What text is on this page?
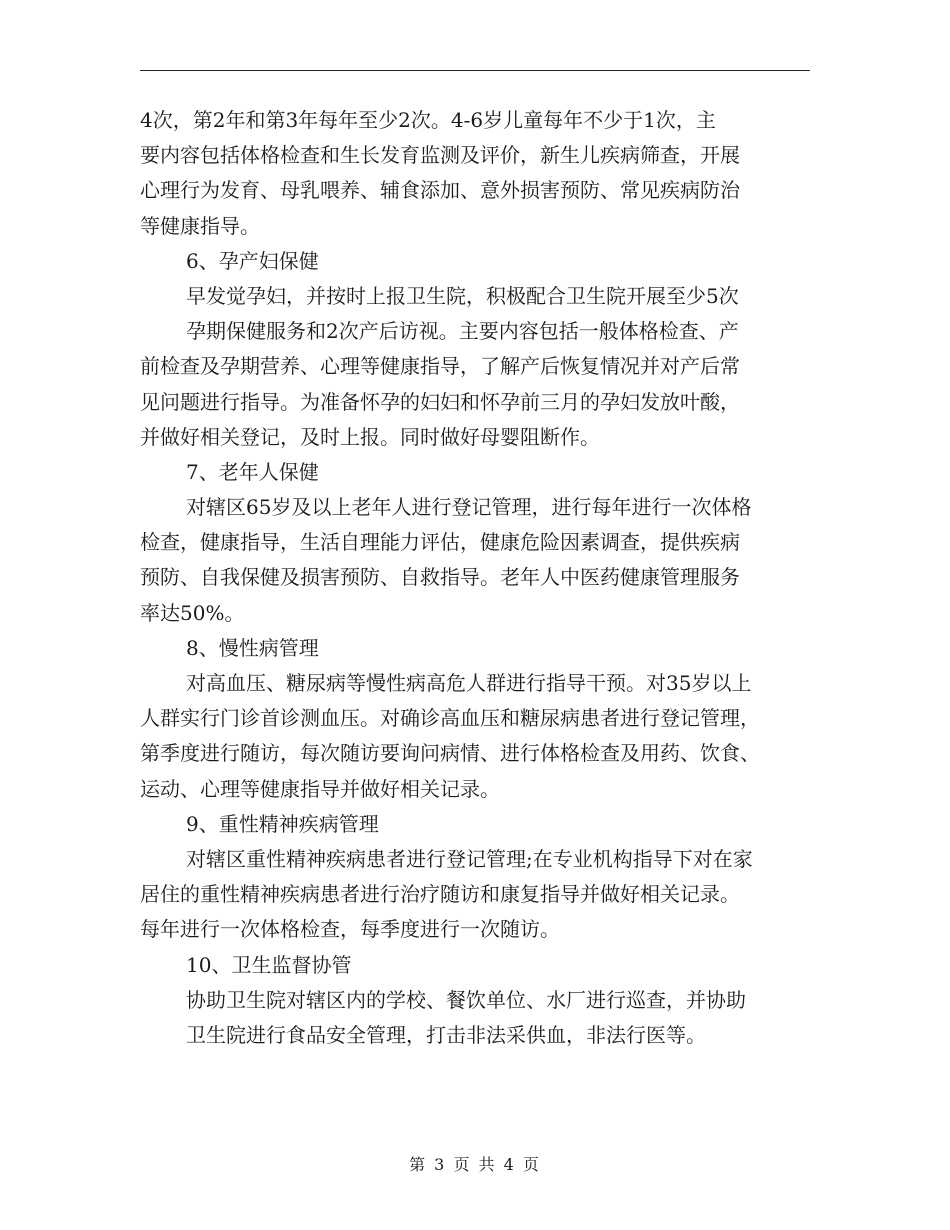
4次，第2年和第3年每年至少2次。4-6岁儿童每年不少于1次，主
要内容包括体格检查和生长发育监测及评价，新生儿疾病筛查，开展
心理行为发育、母乳喂养、辅食添加、意外损害预防、常见疾病防治
等健康指导。
6、孕产妇保健
早发觉孕妇，并按时上报卫生院，积极配合卫生院开展至少5次
孕期保健服务和2次产后访视。主要内容包括一般体格检查、产
前检查及孕期营养、心理等健康指导，了解产后恢复情况并对产后常
见问题进行指导。为准备怀孕的妇妇和怀孕前三月的孕妇发放叶酸，
并做好相关登记，及时上报。同时做好母婴阻断作。
7、老年人保健
对辖区65岁及以上老年人进行登记管理，进行每年进行一次体格
检查，健康指导，生活自理能力评估，健康危险因素调查，提供疾病
预防、自我保健及损害预防、自救指导。老年人中医药健康管理服务
率达50%。
8、慢性病管理
对高血压、糖尿病等慢性病高危人群进行指导干预。对35岁以上
人群实行门诊首诊测血压。对确诊高血压和糖尿病患者进行登记管理，
第季度进行随访，每次随访要询问病情、进行体格检查及用药、饮食、
运动、心理等健康指导并做好相关记录。
9、重性精神疾病管理
对辖区重性精神疾病患者进行登记管理;在专业机构指导下对在家
居住的重性精神疾病患者进行治疗随访和康复指导并做好相关记录。
每年进行一次体格检查，每季度进行一次随访。
10、卫生监督协管
协助卫生院对辖区内的学校、餐饮单位、水厂进行巡查，并协助
卫生院进行食品安全管理，打击非法采供血，非法行医等。
第 3 页 共 4 页
